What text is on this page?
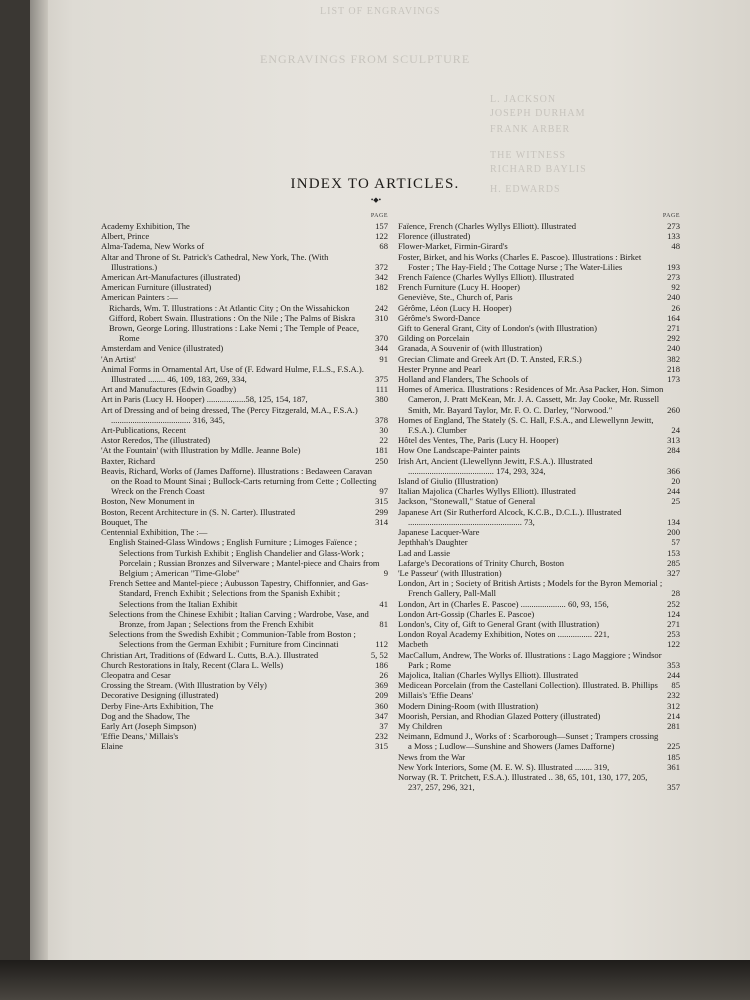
LIST OF ENGRAVINGS
ENGRAVINGS FROM SCULPTURE
L. JACKSON
JOSEPH DURHAM
FRANK ARBER
THE WITNESS
RICHARD BAYLIS
H. EDWARDS
INDEX TO ARTICLES.
•◆•
PAGE
Academy Exhibition, The	157
Albert, Prince	122
Alma-Tadema, New Works of	68
Altar and Throne of St. Patrick's Cathedral, New York, The. (With Illustrations.)	372
American Art-Manufactures (illustrated)	342
American Furniture (illustrated)	182
American Painters :—
Richards, Wm. T. Illustrations : At Atlantic City ; On the Wissahickon	242
Gifford, Robert Swain. Illustrations : On the Nile ; The Palms of Biskra	310
Brown, George Loring. Illustrations : Lake Nemi ; The Temple of Peace, Rome	370
Amsterdam and Venice (illustrated)	344
'An Artist'	91
Animal Forms in Ornamental Art, Use of (F. Edward Hulme, F.L.S., F.S.A.). Illustrated ........ 46, 109, 183, 269, 334,	375
Art and Manufactures (Edwin Goadby)	111
Art in Paris (Lucy H. Hooper) ..................58, 125, 154, 187,	380
Art of Dressing and of being dressed, The (Percy Fitzgerald, M.A., F.S.A.) ..................................... 316, 345,	378
Art-Publications, Recent	30
Astor Reredos, The (illustrated)	22
'At the Fountain' (with Illustration by Mdlle. Jeanne Bole)	181
Baxter, Richard	250
Beavis, Richard, Works of (James Dafforne). Illustrations : Bedaween Caravan on the Road to Mount Sinai ; Bullock-Carts returning from Cette ; Collecting Wreck on the French Coast	97
Boston, New Monument in	315
Boston, Recent Architecture in (S. N. Carter). Illustrated	299
Bouquet, The	314
Centennial Exhibition, The :—
English Stained-Glass Windows ; English Furniture ; Limoges Faïence ; Selections from Turkish Exhibit ; English Chandelier and Glass-Work ; Porcelain ; Russian Bronzes and Silverware ; Mantel-piece and Chairs from Belgium ; American "Time-Globe"	9
French Settee and Mantel-piece ; Aubusson Tapestry, Chiffonnier, and Gas-Standard, French Exhibit ; Selections from the Spanish Exhibit ; Selections from the Italian Exhibit	41
Selections from the Chinese Exhibit ; Italian Carving ; Wardrobe, Vase, and Bronze, from Japan ; Selections from the French Exhibit	81
Selections from the Swedish Exhibit ; Communion-Table from Boston ; Selections from the German Exhibit ; Furniture from Cincinnati	112
Christian Art, Traditions of (Edward L. Cutts, B.A.). Illustrated	5, 52
Church Restorations in Italy, Recent (Clara L. Wells)	186
Cleopatra and Cesar	26
Crossing the Stream. (With Illustration by Vély)	369
Decorative Designing (illustrated)	209
Derby Fine-Arts Exhibition, The	360
Dog and the Shadow, The	347
Early Art (Joseph Simpson)	37
'Effie Deans,' Millais's	232
Elaine	315
PAGE
Faïence, French (Charles Wyllys Elliott). Illustrated	273
Florence (illustrated)	133
Flower-Market, Firmin-Girard's	48
Foster, Birket, and his Works (Charles E. Pascoe). Illustrations : Birket Foster ; The Hay-Field ; The Cottage Nurse ; The Water-Lilies	193
French Faïence (Charles Wyllys Elliott). Illustrated	273
French Furniture (Lucy H. Hooper)	92
Geneviève, Ste., Church of, Paris	240
Gérôme, Léon (Lucy H. Hooper)	26
Gérôme's Sword-Dance	164
Gift to General Grant, City of London's (with Illustration)	271
Gilding on Porcelain	292
Granada, A Souvenir of (with Illustration)	240
Grecian Climate and Greek Art (D. T. Ansted, F.R.S.)	382
Hester Prynne and Pearl	218
Holland and Flanders, The Schools of	173
Homes of America. Illustrations : Residences of Mr. Asa Packer, Hon. Simon Cameron, J. Pratt McKean, Mr. J. A. Cassett, Mr. Jay Cooke, Mr. Russell Smith, Mr. Bayard Taylor, Mr. F. O. C. Darley, "Norwood."	260
Homes of England, The Stately (S. C. Hall, F.S.A., and Llewellynn Jewitt, F.S.A.). Clumber	24
Hôtel des Ventes, The, Paris (Lucy H. Hooper)	313
How One Landscape-Painter paints	284
Irish Art, Ancient (Llewellynn Jewitt, F.S.A.). Illustrated ........................................ 174, 293, 324,	366
Island of Giulio (Illustration)	20
Italian Majolica (Charles Wyllys Elliott). Illustrated	244
Jackson, "Stonewall," Statue of General	25
Japanese Art (Sir Rutherford Alcock, K.C.B., D.C.L.). Illustrated ..................................................... 73,	134
Japanese Lacquer-Ware	200
Jepthhah's Daughter	57
Lad and Lassie	153
Lafarge's Decorations of Trinity Church, Boston	285
'Le Passeur' (with Illustration)	327
London, Art in ; Society of British Artists ; Models for the Byron Memorial ; French Gallery, Pall-Mall	28
London, Art in (Charles E. Pascoe) ..................... 60, 93, 156,	252
London Art-Gossip (Charles E. Pascoe)	124
London's, City of, Gift to General Grant (with Illustration)	271
London Royal Academy Exhibition, Notes on ................ 221,	253
Macbeth	122
MacCallum, Andrew, The Works of. Illustrations : Lago Maggiore ; Windsor Park ; Rome	353
Majolica, Italian (Charles Wyllys Elliott). Illustrated	244
Medicean Porcelain (from the Castellani Collection). Illustrated. B. Phillips	85
Millais's 'Effie Deans'	232
Modern Dining-Room (with Illustration)	312
Moorish, Persian, and Rhodian Glazed Pottery (illustrated)	214
My Children	281
Neimann, Edmund J., Works of : Scarborough—Sunset ; Trampers crossing a Moss ; Ludlow—Sunshine and Showers (James Dafforne)	225
News from the War	185
New York Interiors, Some (M. E. W. S). Illustrated ........ 319,	361
Norway (R. T. Pritchett, F.S.A.). Illustrated .. 38, 65, 101, 130, 177, 205, 237, 257, 296, 321,	357
